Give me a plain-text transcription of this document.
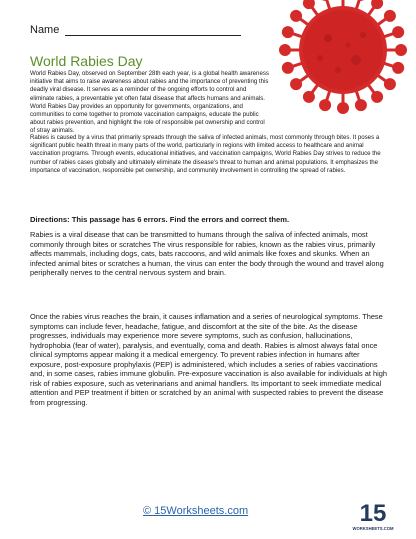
Name
World Rabies Day

World Rabies Day, observed on September 28th each year, is a global health awareness initiative that aims to raise awareness about rabies and the importance of preventing this deadly viral disease. It serves as a reminder of the ongoing efforts to control and eliminate rabies, a preventable yet often fatal disease that affects humans and animals. World Rabies Day provides an opportunity for governments, organizations, and communities to come together to promote vaccination campaigns, educate the public about rabies prevention, and highlight the role of responsible pet ownership and control of stray animals.

Rabies is caused by a virus that primarily spreads through the saliva of infected animals, most commonly through bites. It poses a significant public health threat in many parts of the world, particularly in regions with limited access to healthcare and animal vaccination programs. Through events, educational initiatives, and vaccination campaigns, World Rabies Day strives to reduce the number of rabies cases globally and ultimately eliminate the disease's threat to human and animal populations. It emphasizes the importance of vaccination, responsible pet ownership, and community involvement in controlling the spread of rabies.

Directions: This passage has 6 errors. Find the errors and correct them.

Rabies is a viral disease that can be transmitted to humans through the saliva of infected animals, most commonly through bites or scratches The virus responsible for rabies, known as the rabies virus, primarily affects mammals, including dogs, cats, bats raccoons, and wild animals like foxes and skunks. When an infected animal bites or scratches a human, the virus can enter the body through the wound and travel along peripherally nerves to the central nervous system and brain.

Once the rabies virus reaches the brain, it causes inflamation and a series of neurological symptoms. These symptoms can include fever, headache, fatigue, and discomfort at the site of the bite. As the disease progresses, individuals may experience more severe symptoms, such as confusion, hallucinations, hydrophobia (fear of water), paralysis, and eventually, coma and death. Rabies is almost always fatal once clinical symptoms appear making it a medical emergency. To prevent rabies infection in humans after exposure, post-exposure prophylaxis (PEP) is administered, which includes a series of rabies vaccinations and, in some cases, rabies immune globulin. Pre-exposure vaccination is also available for individuals at high risk of rabies exposure, such as veterinarians and animal handlers. Its important to seek immediate medical attention and PEP treatment if bitten or scratched by an animal with suspected rabies to prevent the disease from progressing.

© 15Worksheets.com	15
WORKSHEETS.COM
